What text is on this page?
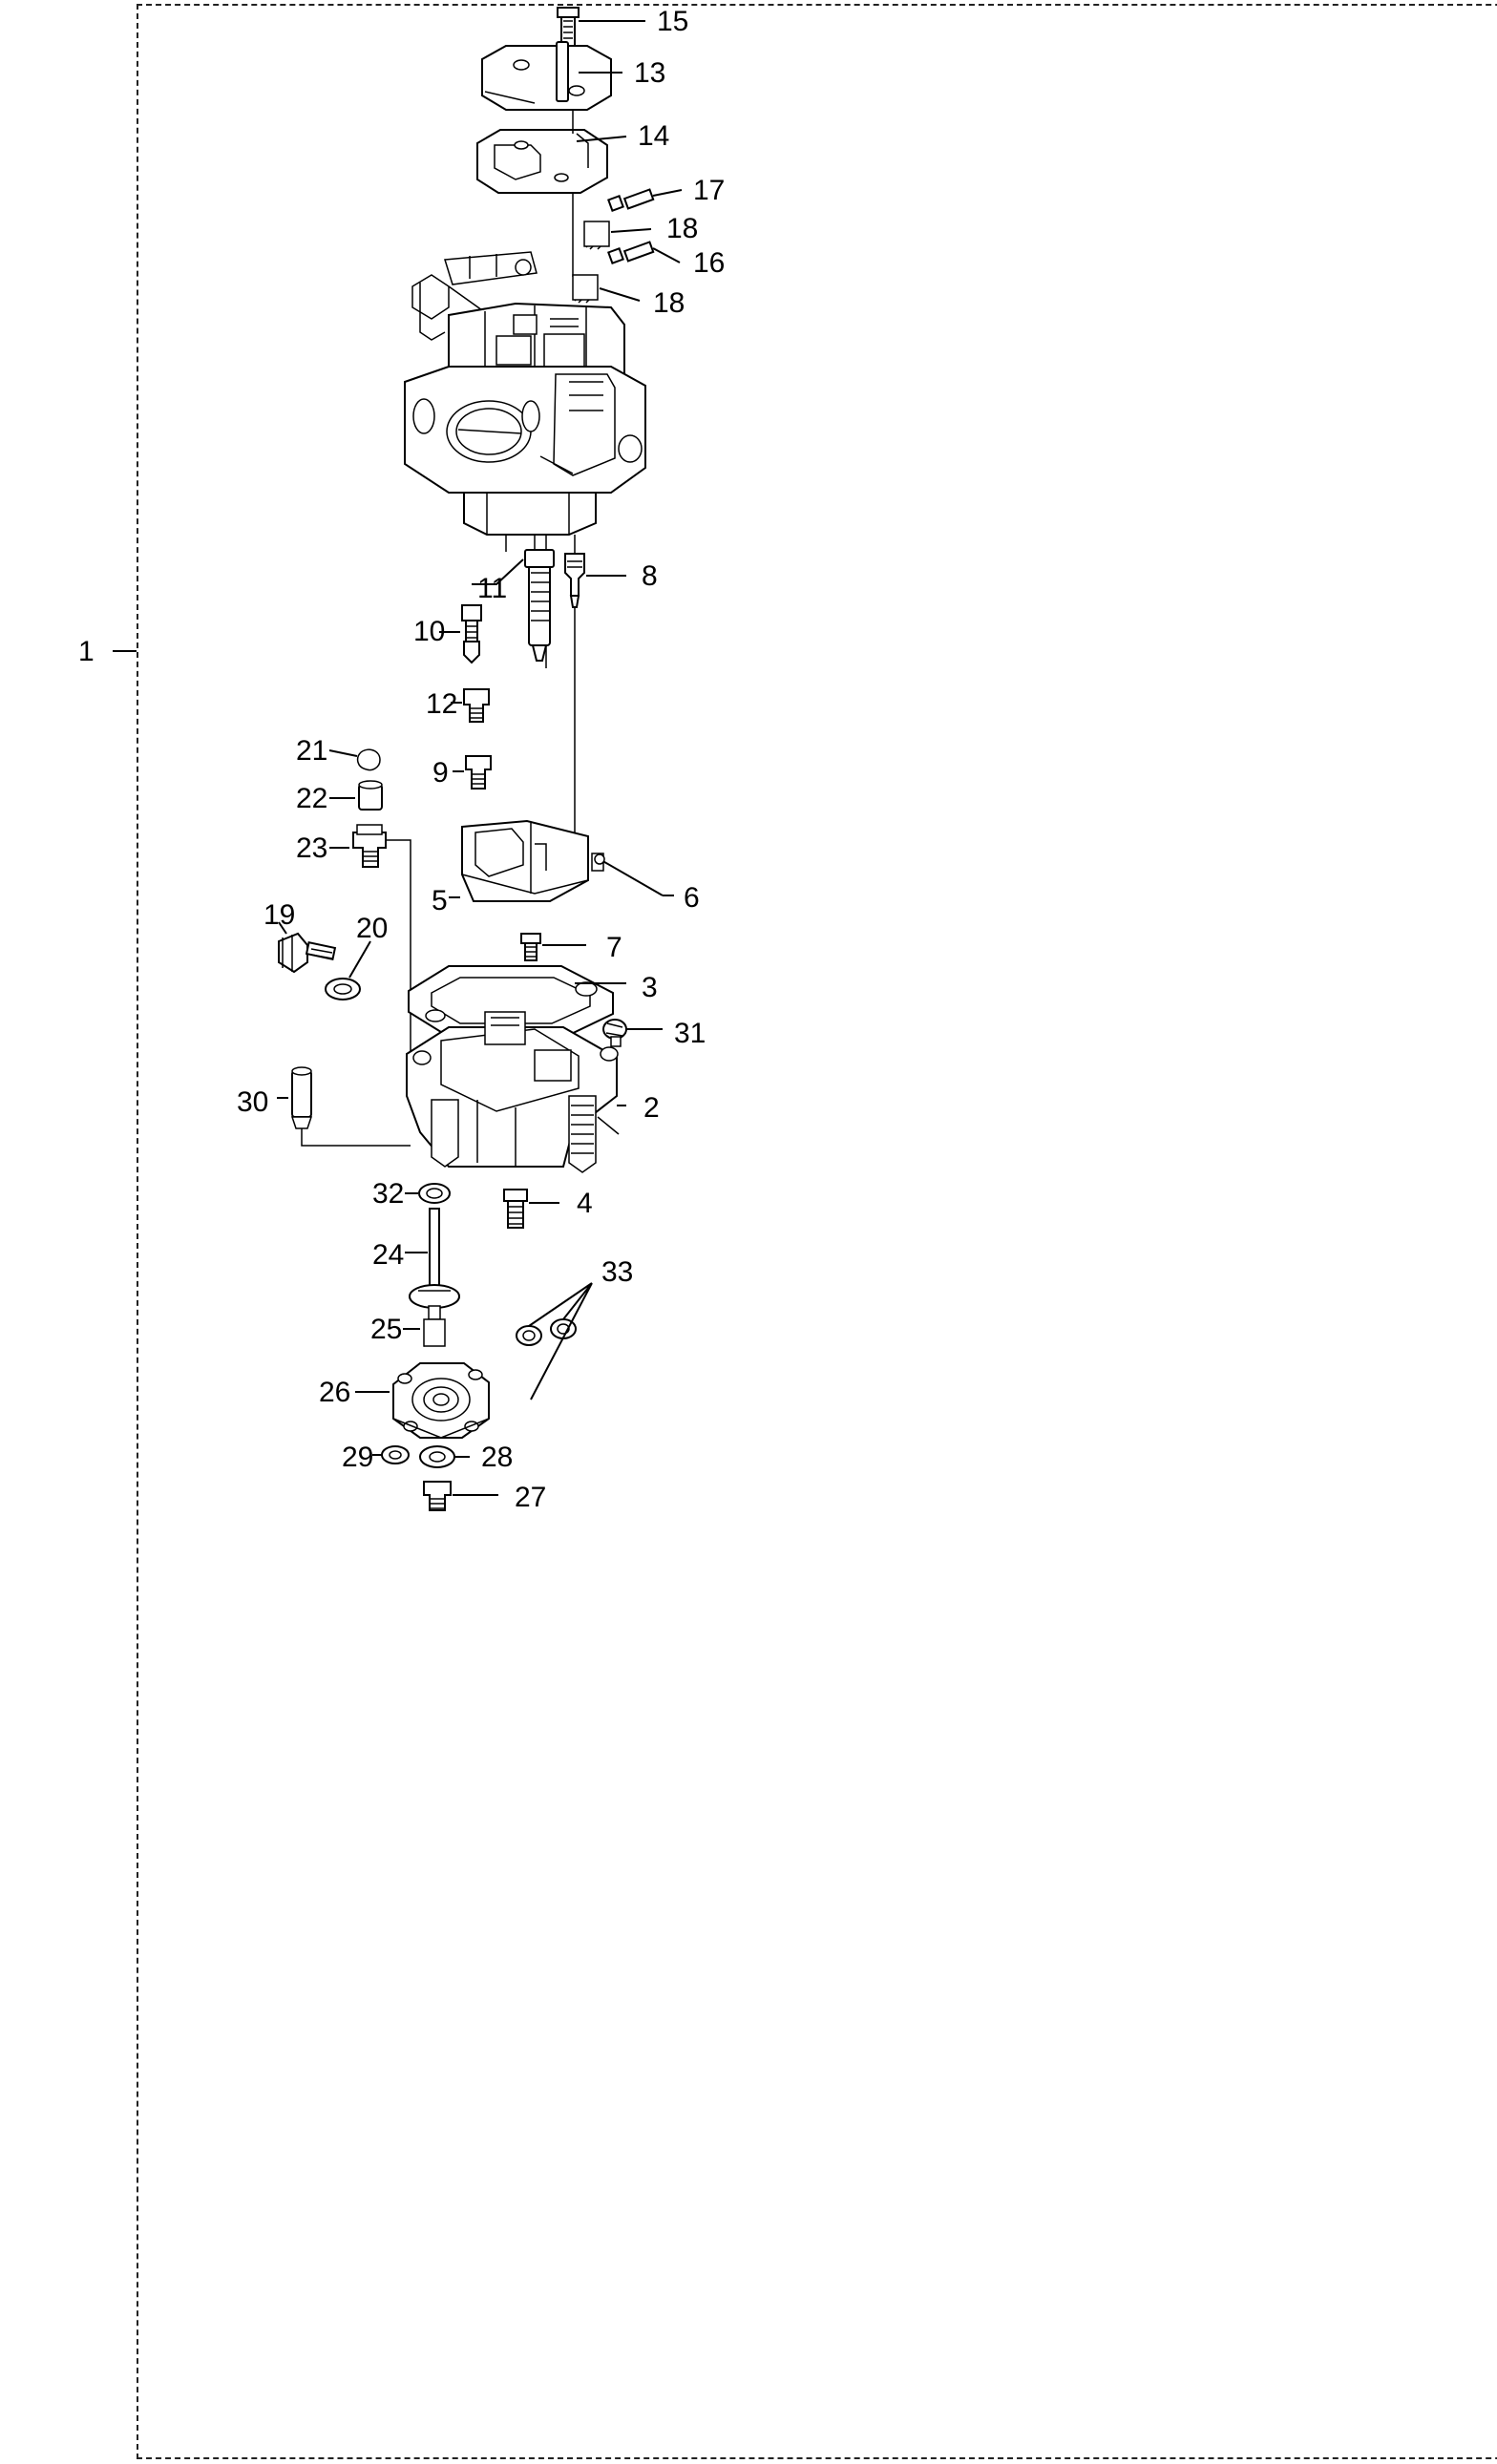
1
15
13
14
17
18
16
18
8
11
10
12
21
9
22
23
5	6
19 20
7
3
31
30	2
32	4
24
33
25
26
29	28
27
